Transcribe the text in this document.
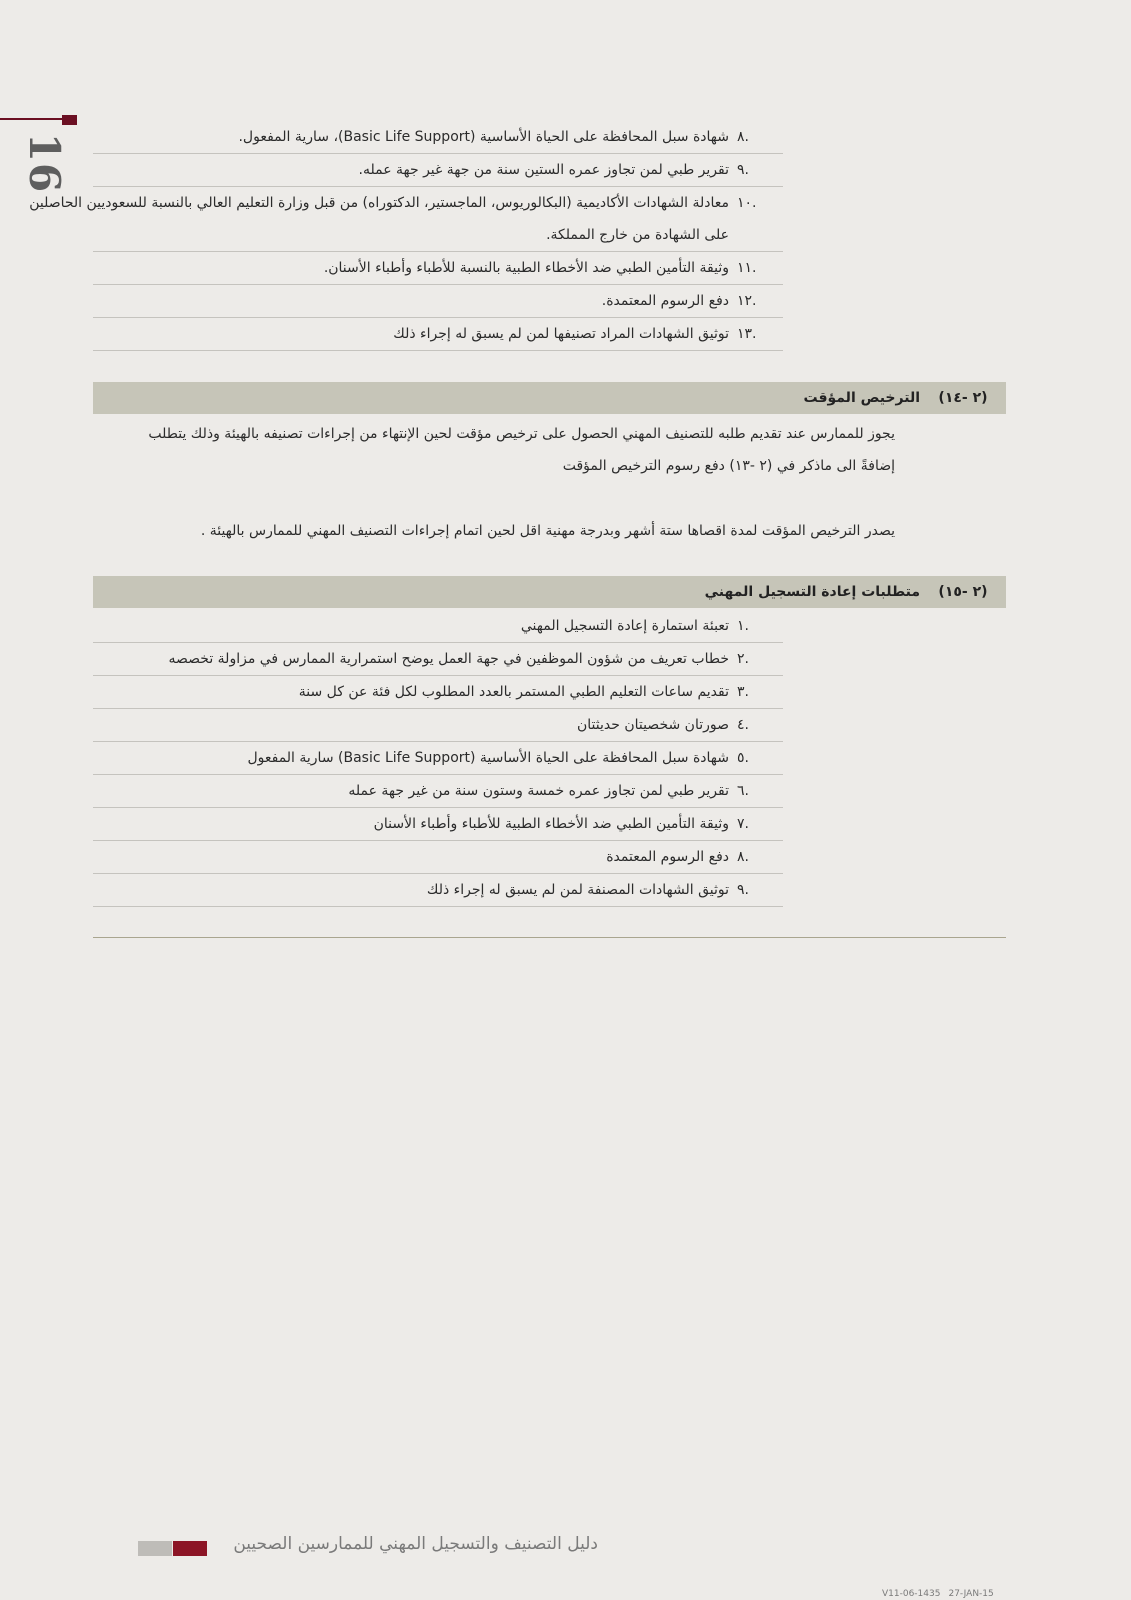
16	.٨
شهادة سبل المحافظة على الحياة الأساسية (Basic Life Support)، سارية المفعول.
.٩
تقرير طبي لمن تجاوز عمره الستين سنة من جهة غير جهة عمله.
.١٠
معادلة الشهادات الأكاديمية (البكالوريوس، الماجستير، الدكتوراه) من قبل وزارة التعليم العالي بالنسبة للسعوديين الحاصلين على الشهادة من خارج المملكة.
.١١
وثيقة التأمين الطبي ضد الأخطاء الطبية بالنسبة للأطباء وأطباء الأسنان.
.١٢
دفع الرسوم المعتمدة.
.١٣
توثيق الشهادات المراد تصنيفها لمن لم يسبق له إجراء ذلك
(٢ -١٤)
الترخيص المؤقت
يجوز للممارس عند تقديم طلبه للتصنيف المهني الحصول على ترخيص مؤقت لحين الإنتهاء من إجراءات تصنيفه بالهيئة وذلك يتطلب إضافةً الى ماذكر في (٢ -١٣) دفع رسوم الترخيص المؤقت
يصدر الترخيص المؤقت لمدة اقصاها ستة أشهر وبدرجة مهنية اقل لحين اتمام إجراءات التصنيف المهني للممارس بالهيئة .
(٢ -١٥)
متطلبات إعادة التسجيل المهني
.١
تعبئة استمارة إعادة التسجيل المهني
.٢
خطاب تعريف من شؤون الموظفين في جهة العمل يوضح استمرارية الممارس في مزاولة تخصصه
.٣
تقديم ساعات التعليم الطبي المستمر بالعدد المطلوب لكل فئة عن كل سنة
.٤
صورتان شخصيتان حديثتان
.٥
شهادة سبل المحافظة على الحياة الأساسية (Basic Life Support) سارية المفعول
.٦
تقرير طبي لمن تجاوز عمره خمسة وستون سنة من غير جهة عمله
.٧
وثيقة التأمين الطبي ضد الأخطاء الطبية للأطباء وأطباء الأسنان
.٨
دفع الرسوم المعتمدة
.٩
توثيق الشهادات المصنفة لمن لم يسبق له إجراء ذلك
دليل التصنيف والتسجيل المهني للممارسين الصحيين
V11-06-1435 27-JAN-15
